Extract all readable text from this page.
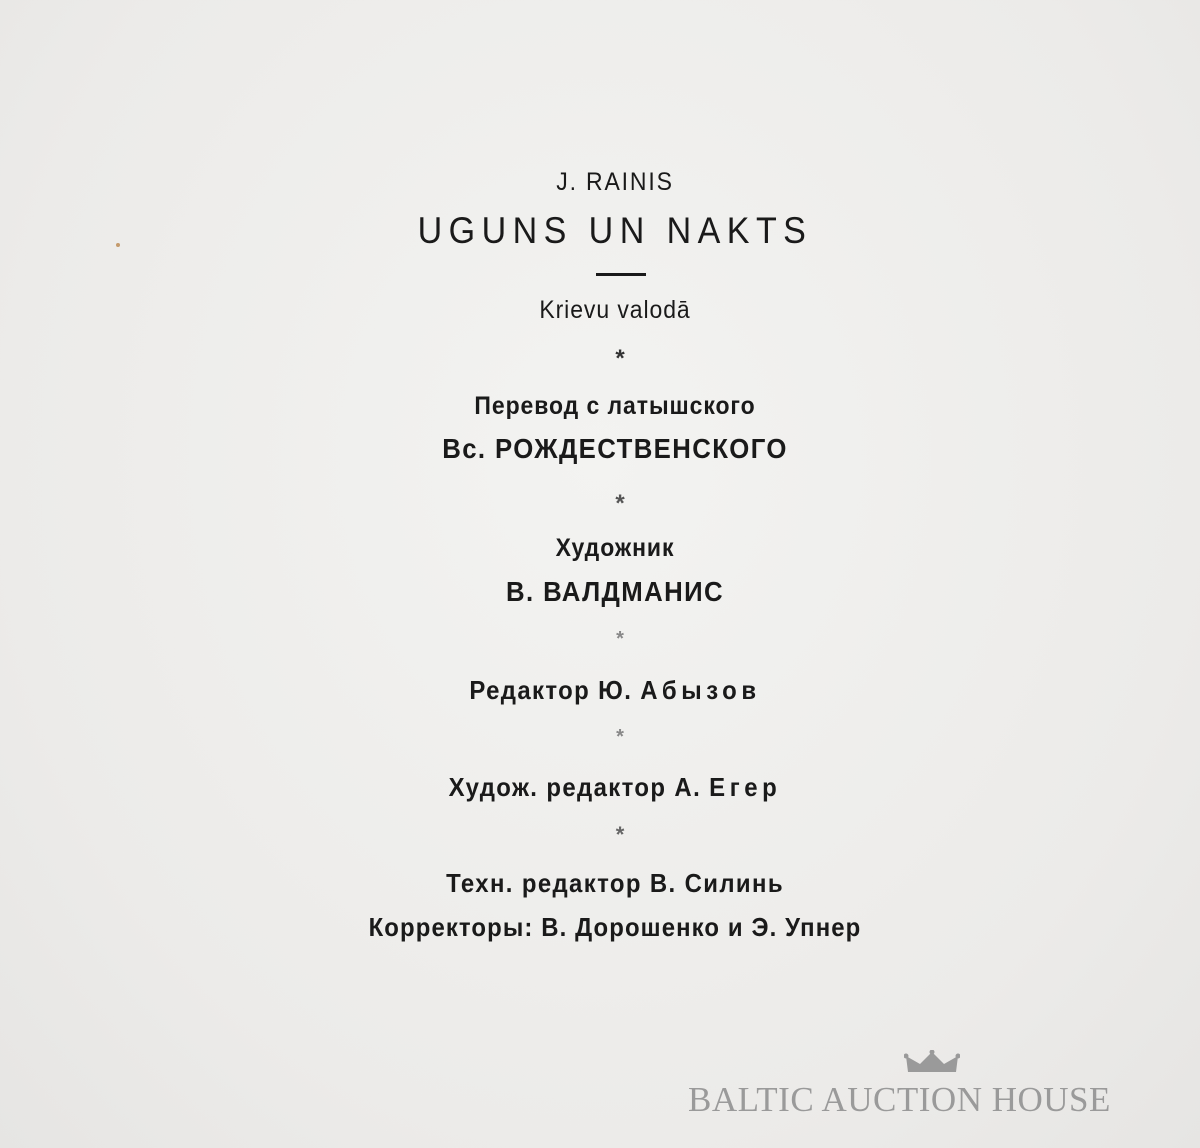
J. RAINIS
UGUNS UN NAKTS
Krievu valodā
*
Перевод с латышского
Вс. РОЖДЕСТВЕНСКОГО
*
Художник
В. ВАЛДМАНИС
*
Редактор Ю. Абызов
*
Худож. редактор А. Егер
*
Техн. редактор В. Силинь
Корректоры: В. Дорошенко и Э. Упнер
BALTIC AUCTION HOUSE
